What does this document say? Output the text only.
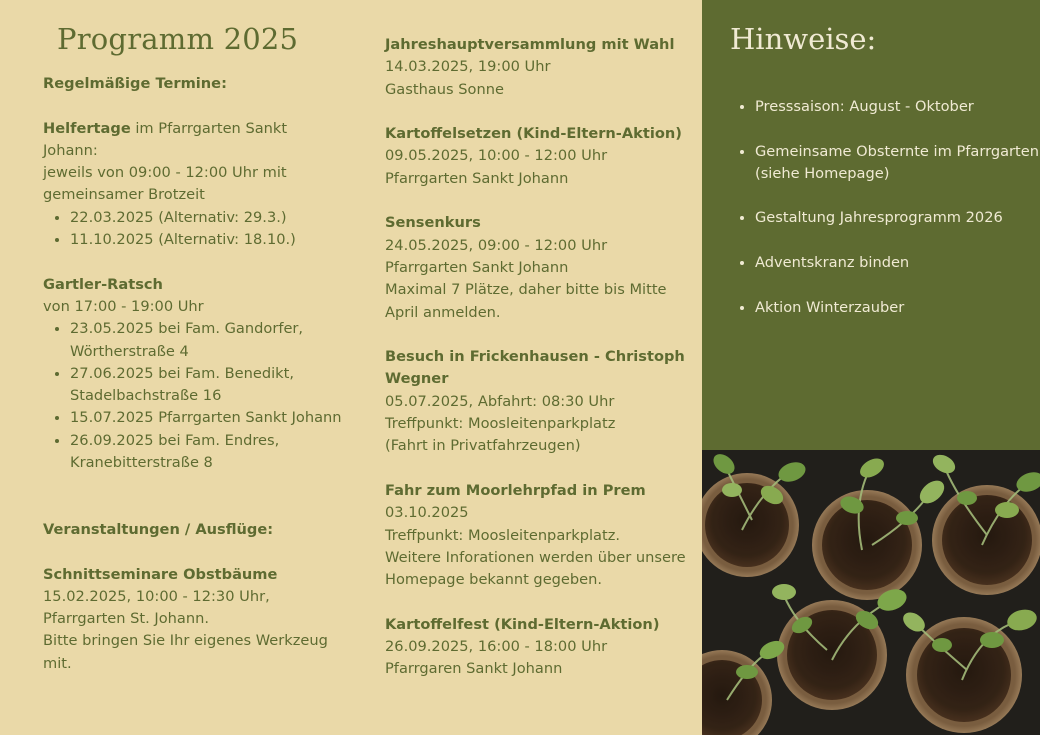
Programm 2025

Regelmäßige Termine:

Helfertage im Pfarrgarten Sankt Johann:

jeweils von 09:00 - 12:00 Uhr mit gemeinsamer Brotzeit

• 22.03.2025 (Alternativ: 29.3.)
• 11.10.2025 (Alternativ: 18.10.)

Gartler-Ratsch

von 17:00 - 19:00 Uhr

• 23.05.2025 bei Fam. Gandorfer, Wörtherstraße 4
• 27.06.2025 bei Fam. Benedikt, Stadelbachstraße 16
• 15.07.2025 Pfarrgarten Sankt Johann
• 26.09.2025 bei Fam. Endres, Kranebitterstraße 8

Veranstaltungen / Ausflüge:

Schnittseminare Obstbäume

15.02.2025, 10:00 - 12:30 Uhr, Pfarrgarten St. Johann.

Bitte bringen Sie Ihr eigenes Werkzeug mit.

Jahreshauptversammlung mit Wahl

14.03.2025, 19:00 Uhr

Gasthaus Sonne

Kartoffelsetzen (Kind-Eltern-Aktion)

09.05.2025, 10:00 - 12:00 Uhr

Pfarrgarten Sankt Johann

Sensenkurs

24.05.2025, 09:00 - 12:00 Uhr

Pfarrgarten Sankt Johann

Maximal 7 Plätze, daher bitte bis Mitte April anmelden.

Besuch in Frickenhausen - Christoph Wegner

05.07.2025, Abfahrt: 08:30 Uhr

Treffpunkt: Moosleitenparkplatz

(Fahrt in Privatfahrzeugen)

Fahr zum Moorlehrpfad in Prem

03.10.2025

Treffpunkt: Moosleitenparkplatz.

Weitere Inforationen werden über unsere Homepage bekannt gegeben.

Kartoffelfest (Kind-Eltern-Aktion)

26.09.2025, 16:00 - 18:00 Uhr

Pfarrgaren Sankt Johann

Hinweise:
• Presssaison: August - Oktober
• Gemeinsame Obsternte im Pfarrgarten
(siehe Homepage)
• Gestaltung Jahresprogramm 2026
• Adventskranz binden
• Aktion Winterzauber
